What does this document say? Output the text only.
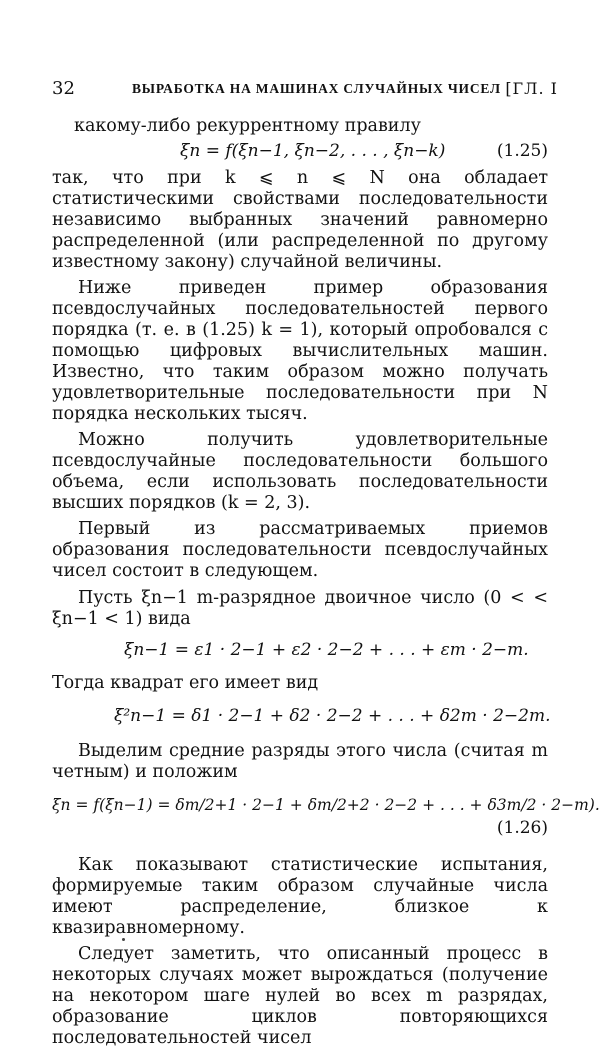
32	ВЫРАБОТКА НА МАШИНАХ СЛУЧАЙНЫХ ЧИСЕЛ [ГЛ. I

какому-либо рекуррентному правилу

ξn = f(ξn−1, ξn−2, . . . , ξn−k)	(1.25)

так, что при k ⩽ n ⩽ N она обладает статистическими свойствами последовательности независимо выбранных значений равномерно распределенной (или распределенной по другому известному закону) случайной величины.

Ниже приведен пример образования псевдослучайных последовательностей первого порядка (т. е. в (1.25) k = 1), который опробовался с помощью цифровых вычислительных машин. Известно, что таким образом можно получать удовлетворительные последовательности при N порядка нескольких тысяч.

Можно получить удовлетворительные псевдослучайные последовательности большого объема, если использовать последовательности высших порядков (k = 2, 3).

Первый из рассматриваемых приемов образования последовательности псевдослучайных чисел состоит в следующем.

Пусть ξn−1 m-разрядное двоичное число (0 < < ξn−1 < 1) вида

ξn−1 = ε1 · 2−1 + ε2 · 2−2 + . . . + εm · 2−m.

Тогда квадрат его имеет вид

ξ²n−1 = δ1 · 2−1 + δ2 · 2−2 + . . . + δ2m · 2−2m.

Выделим средние разряды этого числа (считая m четным) и положим

ξn = f(ξn−1) = δm/2+1 · 2−1 + δm/2+2 · 2−2 + . . . + δ3m/2 · 2−m).
(1.26)

Как показывают статистические испытания, формируемые таким образом случайные числа имеют распределение, близкое к квазиравномерному.

Следует заметить, что описанный процесс в некоторых случаях может вырождаться (получение на некотором шаге нулей во всех m разрядах, образование циклов повторяющихся последовательностей чисел
